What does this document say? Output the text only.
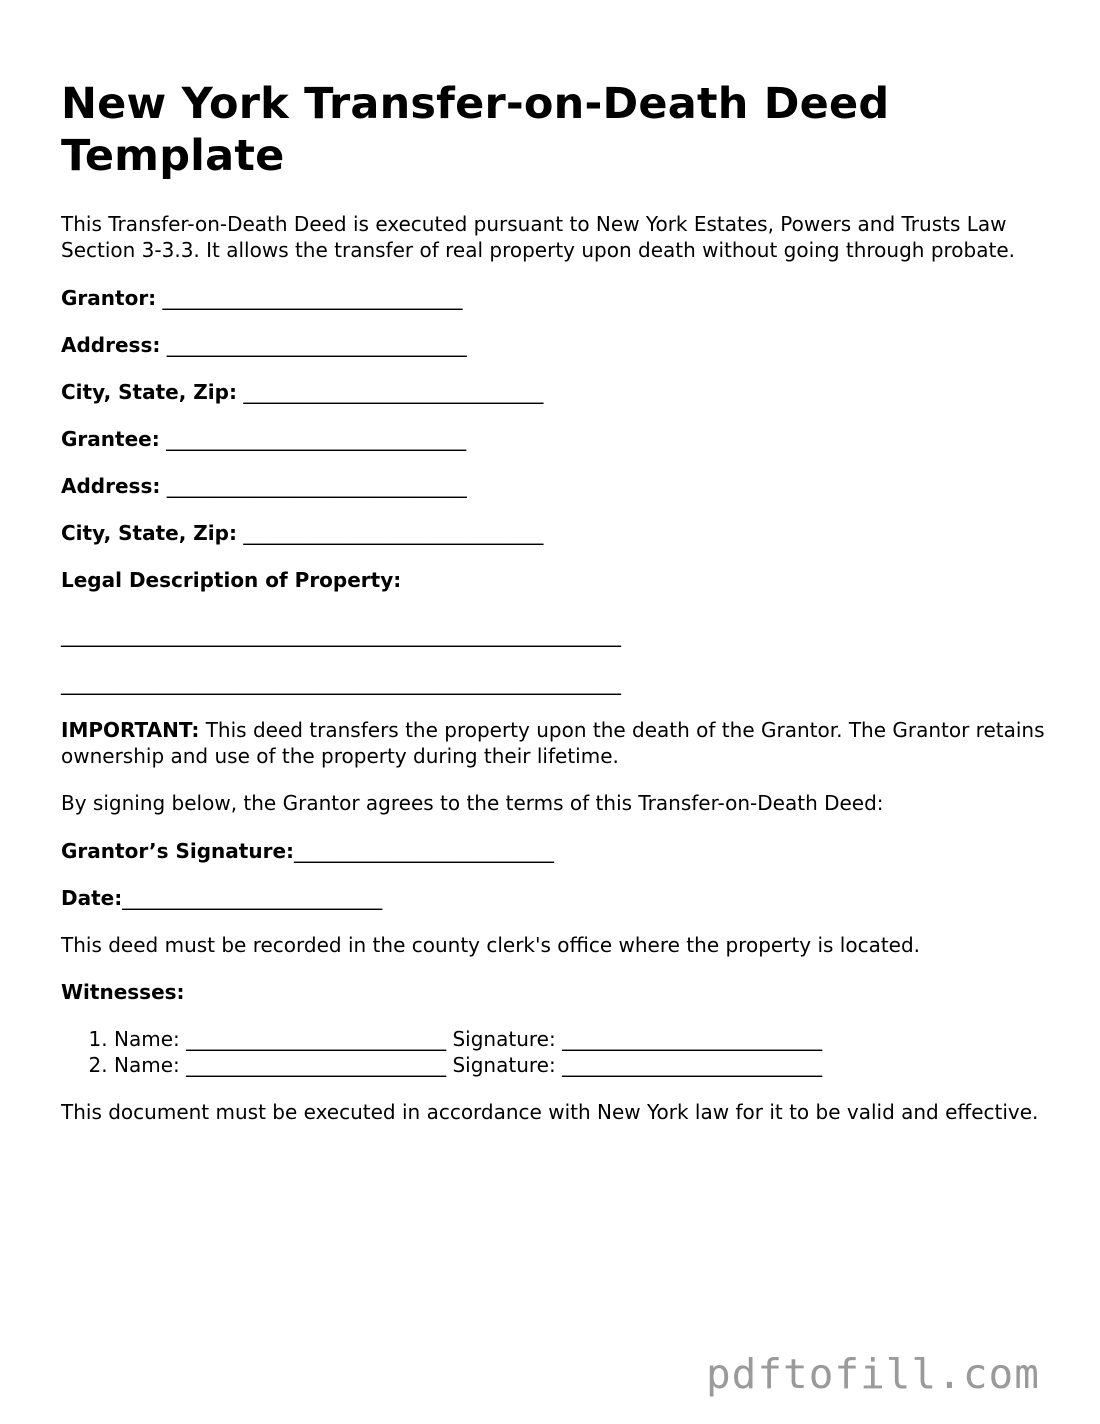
New York Transfer-on-Death Deed Template
This Transfer-on-Death Deed is executed pursuant to New York Estates, Powers and Trusts Law Section 3-3.3. It allows the transfer of real property upon death without going through probate.
Grantor: ______________________________
Address: ______________________________
City, State, Zip: ______________________________
Grantee: ______________________________
Address: ______________________________
City, State, Zip: ______________________________
Legal Description of Property:
________________________________________________________
________________________________________________________
IMPORTANT: This deed transfers the property upon the death of the Grantor. The Grantor retains ownership and use of the property during their lifetime.
By signing below, the Grantor agrees to the terms of this Transfer-on-Death Deed:
Grantor’s Signature:__________________________
Date:__________________________
This deed must be recorded in the county clerk's office where the property is located.
Witnesses:
1. Name: __________________________ Signature: __________________________
2. Name: __________________________ Signature: __________________________
This document must be executed in accordance with New York law for it to be valid and effective.
pdftofill.com
